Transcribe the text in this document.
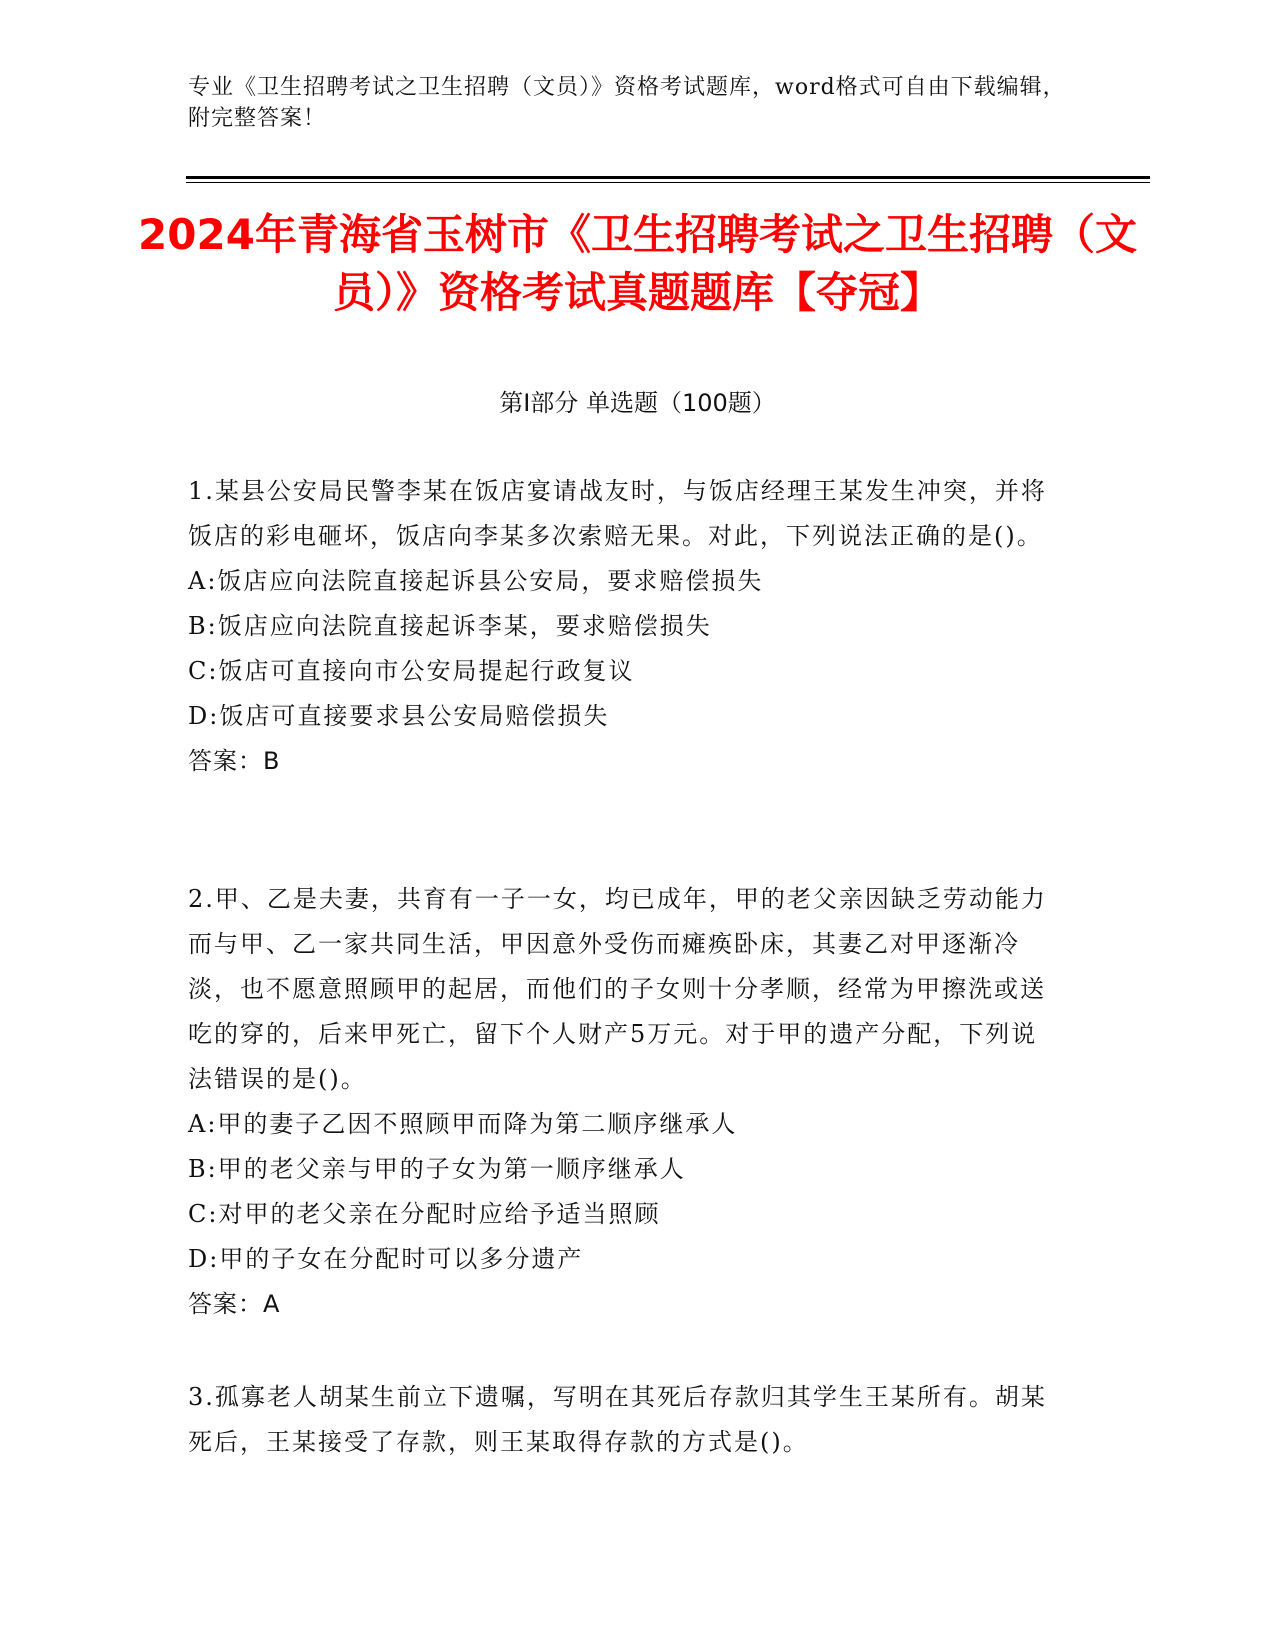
专业《卫生招聘考试之卫生招聘（文员）》资格考试题库，word格式可自由下载编辑，附完整答案！
2024年青海省玉树市《卫生招聘考试之卫生招聘（文员）》资格考试真题题库【夺冠】
第I部分 单选题（100题）
1.某县公安局民警李某在饭店宴请战友时，与饭店经理王某发生冲突，并将饭店的彩电砸坏，饭店向李某多次索赔无果。对此，下列说法正确的是()。
A:饭店应向法院直接起诉县公安局，要求赔偿损失
B:饭店应向法院直接起诉李某，要求赔偿损失
C:饭店可直接向市公安局提起行政复议
D:饭店可直接要求县公安局赔偿损失
答案：B
2.甲、乙是夫妻，共育有一子一女，均已成年，甲的老父亲因缺乏劳动能力而与甲、乙一家共同生活，甲因意外受伤而瘫痪卧床，其妻乙对甲逐渐冷淡，也不愿意照顾甲的起居，而他们的子女则十分孝顺，经常为甲擦洗或送吃的穿的，后来甲死亡，留下个人财产5万元。对于甲的遗产分配，下列说法错误的是()。
A:甲的妻子乙因不照顾甲而降为第二顺序继承人
B:甲的老父亲与甲的子女为第一顺序继承人
C:对甲的老父亲在分配时应给予适当照顾
D:甲的子女在分配时可以多分遗产
答案：A
3.孤寡老人胡某生前立下遗嘱，写明在其死后存款归其学生王某所有。胡某死后，王某接受了存款，则王某取得存款的方式是()。
